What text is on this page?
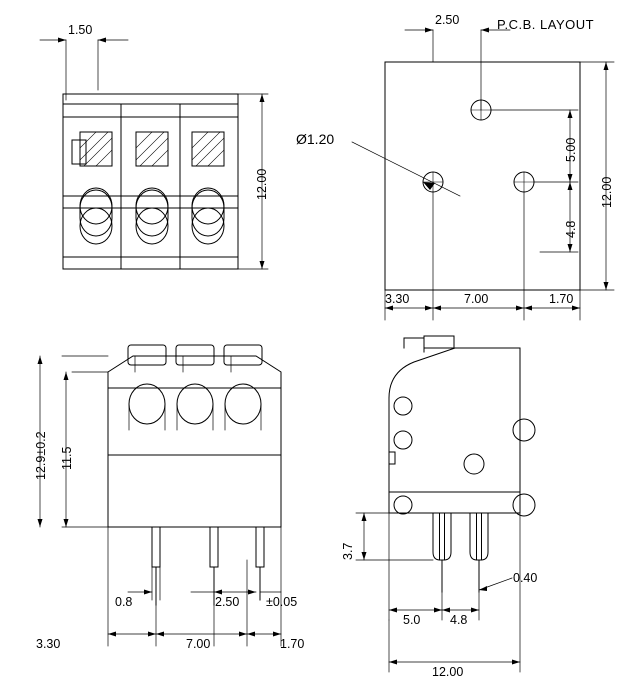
P.C.B. LAYOUT
1.50
12.00
2.50
Ø1.20	5.00
4.8
12.00
3.30	7.00	1.70
12.9±0.2 11.5
0.8	2.50 ±0.05
3.30	7.00	1.70
3.7
0.40
5.0 4.8
12.00
